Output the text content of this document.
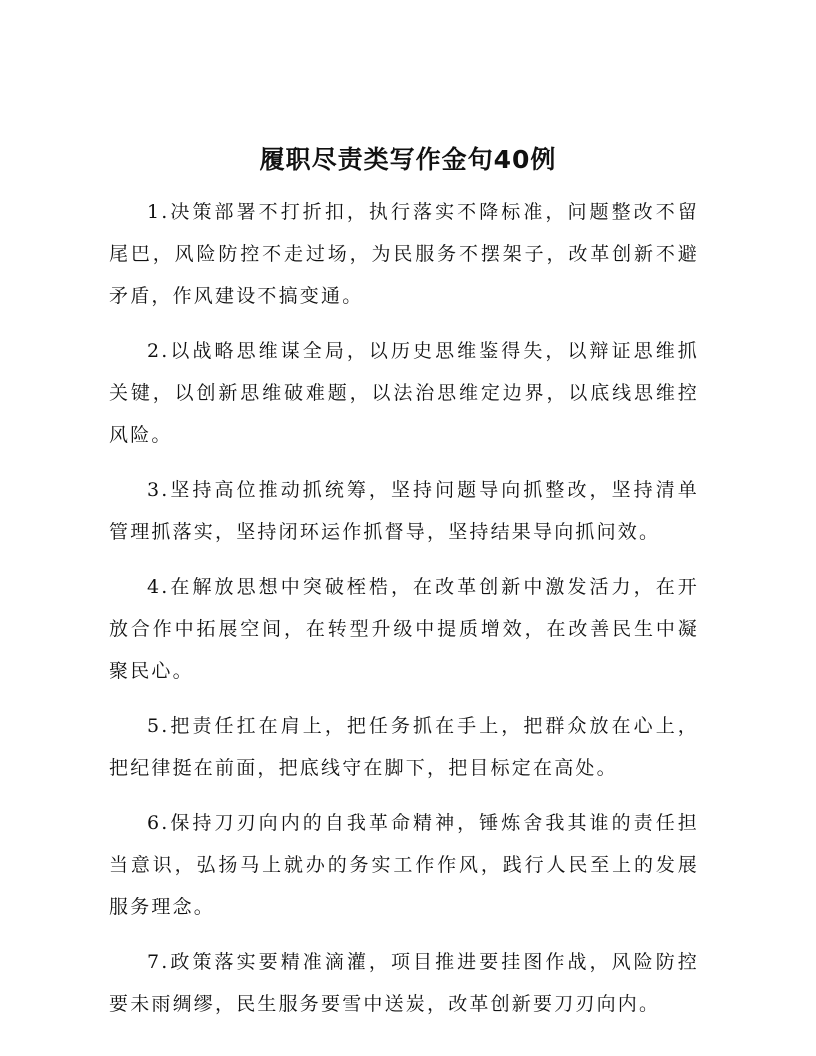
履职尽责类写作金句40例

1.决策部署不打折扣，执行落实不降标准，问题整改不留尾巴，风险防控不走过场，为民服务不摆架子，改革创新不避矛盾，作风建设不搞变通。

2.以战略思维谋全局，以历史思维鉴得失，以辩证思维抓关键，以创新思维破难题，以法治思维定边界，以底线思维控风险。

3.坚持高位推动抓统筹，坚持问题导向抓整改，坚持清单管理抓落实，坚持闭环运作抓督导，坚持结果导向抓问效。

4.在解放思想中突破桎梏，在改革创新中激发活力，在开放合作中拓展空间，在转型升级中提质增效，在改善民生中凝聚民心。

5.把责任扛在肩上，把任务抓在手上，把群众放在心上，把纪律挺在前面，把底线守在脚下，把目标定在高处。

6.保持刀刃向内的自我革命精神，锤炼舍我其谁的责任担当意识，弘扬马上就办的务实工作作风，践行人民至上的发展服务理念。

7.政策落实要精准滴灌，项目推进要挂图作战，风险防控要未雨绸缪，民生服务要雪中送炭，改革创新要刀刃向内。
